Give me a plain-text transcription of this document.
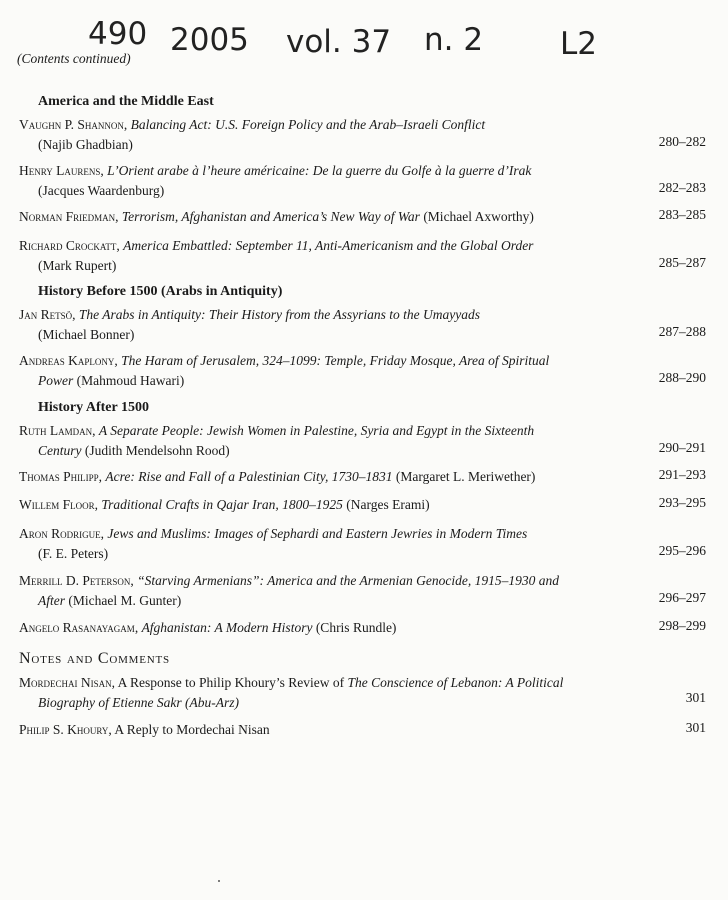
490 2005 vol. 37 n. 2 L2
(Contents continued)
America and the Middle East
Vaughn P. Shannon, Balancing Act: U.S. Foreign Policy and the Arab–Israeli Conflict
(Najib Ghadbian)	280–282
Henry Laurens, L’Orient arabe à l’heure américaine: De la guerre du Golfe à la guerre d’Irak
(Jacques Waardenburg)	282–283
Norman Friedman, Terrorism, Afghanistan and America’s New Way of War (Michael Axworthy)	283–285
Richard Crockatt, America Embattled: September 11, Anti-Americanism and the Global Order
(Mark Rupert)	285–287
History Before 1500 (Arabs in Antiquity)
Jan Retsö, The Arabs in Antiquity: Their History from the Assyrians to the Umayyads
(Michael Bonner)	287–288
Andreas Kaplony, The Haram of Jerusalem, 324–1099: Temple, Friday Mosque, Area of Spiritual
Power (Mahmoud Hawari)	288–290
History After 1500
Ruth Lamdan, A Separate People: Jewish Women in Palestine, Syria and Egypt in the Sixteenth
Century (Judith Mendelsohn Rood)	290–291
Thomas Philipp, Acre: Rise and Fall of a Palestinian City, 1730–1831 (Margaret L. Meriwether)	291–293
Willem Floor, Traditional Crafts in Qajar Iran, 1800–1925 (Narges Erami)	293–295
Aron Rodrigue, Jews and Muslims: Images of Sephardi and Eastern Jewries in Modern Times
(F. E. Peters)	295–296
Merrill D. Peterson, “Starving Armenians”: America and the Armenian Genocide, 1915–1930 and
After (Michael M. Gunter)	296–297
Angelo Rasanayagam, Afghanistan: A Modern History (Chris Rundle)	298–299
Notes and Comments
Mordechai Nisan, A Response to Philip Khoury’s Review of The Conscience of Lebanon: A Political
Biography of Etienne Sakr (Abu-Arz)	301
Philip S. Khoury, A Reply to Mordechai Nisan	301
